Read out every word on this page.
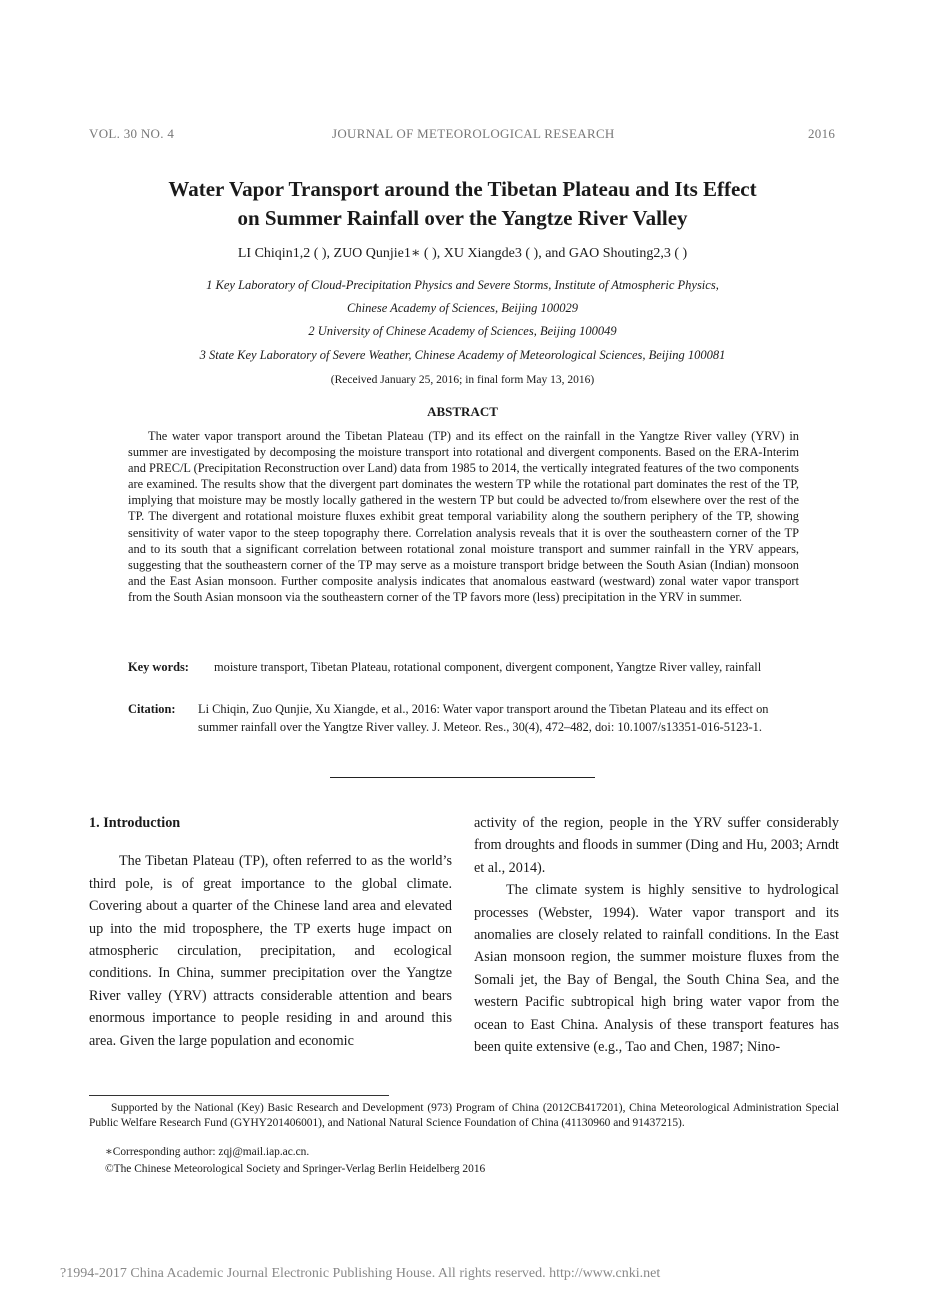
VOL. 30 NO. 4	JOURNAL OF METEOROLOGICAL RESEARCH	2016
Water Vapor Transport around the Tibetan Plateau and Its Effect
on Summer Rainfall over the Yangtze River Valley
LI Chiqin1,2 ( ), ZUO Qunjie1∗ ( ), XU Xiangde3 ( ), and GAO Shouting2,3 ( )
1 Key Laboratory of Cloud-Precipitation Physics and Severe Storms, Institute of Atmospheric Physics,
Chinese Academy of Sciences, Beijing 100029
2 University of Chinese Academy of Sciences, Beijing 100049
3 State Key Laboratory of Severe Weather, Chinese Academy of Meteorological Sciences, Beijing 100081
(Received January 25, 2016; in final form May 13, 2016)
ABSTRACT
The water vapor transport around the Tibetan Plateau (TP) and its effect on the rainfall in the Yangtze River valley (YRV) in summer are investigated by decomposing the moisture transport into rotational and divergent components. Based on the ERA-Interim and PREC/L (Precipitation Reconstruction over Land) data from 1985 to 2014, the vertically integrated features of the two components are examined. The results show that the divergent part dominates the western TP while the rotational part dominates the rest of the TP, implying that moisture may be mostly locally gathered in the western TP but could be advected to/from elsewhere over the rest of the TP. The divergent and rotational moisture fluxes exhibit great temporal variability along the southern periphery of the TP, showing sensitivity of water vapor to the steep topography there. Correlation analysis reveals that it is over the southeastern corner of the TP and to its south that a significant correlation between rotational zonal moisture transport and summer rainfall in the YRV appears, suggesting that the southeastern corner of the TP may serve as a moisture transport bridge between the South Asian (Indian) monsoon and the East Asian monsoon. Further composite analysis indicates that anomalous eastward (westward) zonal water vapor transport from the South Asian monsoon via the southeastern corner of the TP favors more (less) precipitation in the YRV in summer.
Key words:	moisture transport, Tibetan Plateau, rotational component, divergent component, Yangtze River valley, rainfall
Citation:	Li Chiqin, Zuo Qunjie, Xu Xiangde, et al., 2016: Water vapor transport around the Tibetan Plateau and its effect on summer rainfall over the Yangtze River valley. J. Meteor. Res., 30(4), 472–482, doi: 10.1007/s13351-016-5123-1.
1. Introduction
The Tibetan Plateau (TP), often referred to as the world’s third pole, is of great importance to the global climate. Covering about a quarter of the Chinese land area and elevated up into the mid troposphere, the TP exerts huge impact on atmospheric circulation, precipitation, and ecological conditions. In China, summer precipitation over the Yangtze River valley (YRV) attracts considerable attention and bears enormous importance to people residing in and around this area. Given the large population and economic
activity of the region, people in the YRV suffer considerably from droughts and floods in summer (Ding and Hu, 2003; Arndt et al., 2014).
The climate system is highly sensitive to hydrological processes (Webster, 1994). Water vapor transport and its anomalies are closely related to rainfall conditions. In the East Asian monsoon region, the summer moisture fluxes from the Somali jet, the Bay of Bengal, the South China Sea, and the western Pacific subtropical high bring water vapor from the ocean to East China. Analysis of these transport features has been quite extensive (e.g., Tao and Chen, 1987; Nino-
Supported by the National (Key) Basic Research and Development (973) Program of China (2012CB417201), China Meteorological Administration Special Public Welfare Research Fund (GYHY201406001), and National Natural Science Foundation of China (41130960 and 91437215).
∗Corresponding author: zqj@mail.iap.ac.cn.
©The Chinese Meteorological Society and Springer-Verlag Berlin Heidelberg 2016
?1994-2017 China Academic Journal Electronic Publishing House. All rights reserved. http://www.cnki.net
